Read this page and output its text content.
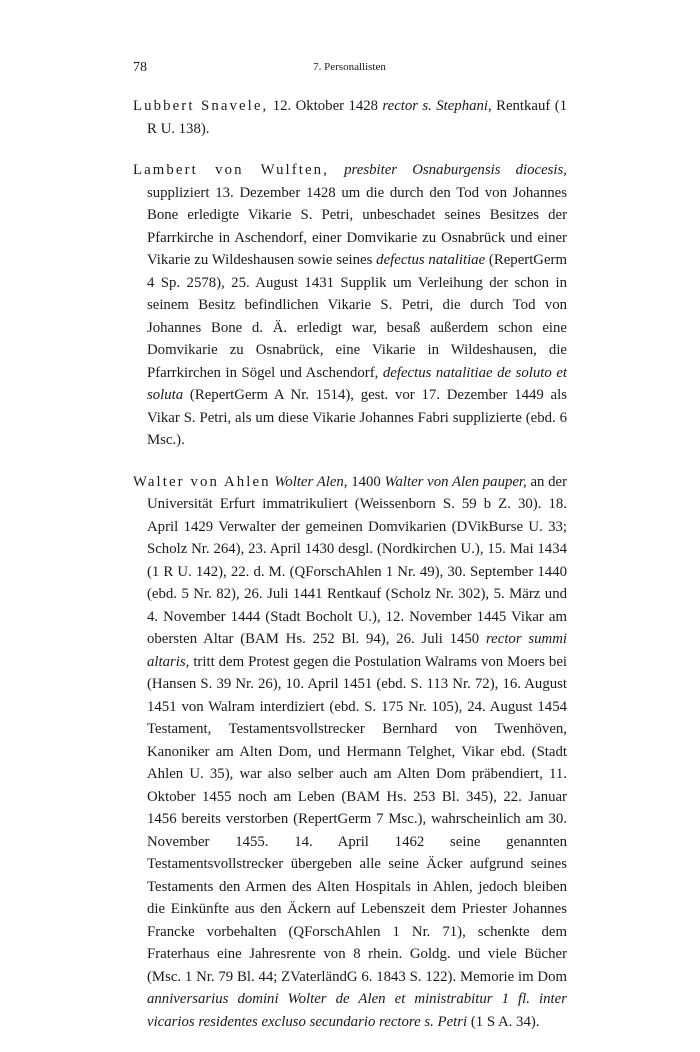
78	7. Personallisten

Lubbert Snavele, 12. Oktober 1428 rector s. Stephani, Rentkauf (1 R U. 138).

Lambert von Wulften, presbiter Osnaburgensis diocesis, suppliziert 13. Dezember 1428 um die durch den Tod von Johannes Bone erledigte Vikarie S. Petri, unbeschadet seines Besitzes der Pfarrkirche in Aschendorf, einer Domvikarie zu Osnabrück und einer Vikarie zu Wildeshausen sowie seines defectus natalitiae (RepertGerm 4 Sp. 2578), 25. August 1431 Supplik um Verleihung der schon in seinem Besitz befindlichen Vikarie S. Petri, die durch Tod von Johannes Bone d. Ä. erledigt war, besaß außerdem schon eine Domvikarie zu Osnabrück, eine Vikarie in Wildeshausen, die Pfarrkirchen in Sögel und Aschendorf, defectus natalitiae de soluto et soluta (RepertGerm A Nr. 1514), gest. vor 17. Dezember 1449 als Vikar S. Petri, als um diese Vikarie Johannes Fabri supplizierte (ebd. 6 Msc.).

Walter von Ahlen Wolter Alen, 1400 Walter von Alen pauper, an der Universität Erfurt immatrikuliert (Weissenborn S. 59 b Z. 30). 18. April 1429 Verwalter der gemeinen Domvikarien (DVikBurse U. 33; Scholz Nr. 264), 23. April 1430 desgl. (Nordkirchen U.), 15. Mai 1434 (1 R U. 142), 22. d. M. (QForschAhlen 1 Nr. 49), 30. September 1440 (ebd. 5 Nr. 82), 26. Juli 1441 Rentkauf (Scholz Nr. 302), 5. März und 4. November 1444 (Stadt Bocholt U.), 12. November 1445 Vikar am obersten Altar (BAM Hs. 252 Bl. 94), 26. Juli 1450 rector summi altaris, tritt dem Protest gegen die Postulation Walrams von Moers bei (Hansen S. 39 Nr. 26), 10. April 1451 (ebd. S. 113 Nr. 72), 16. August 1451 von Walram interdiziert (ebd. S. 175 Nr. 105), 24. August 1454 Testament, Testamentsvollstrecker Bernhard von Twenhöven, Kanoniker am Alten Dom, und Hermann Telghet, Vikar ebd. (Stadt Ahlen U. 35), war also selber auch am Alten Dom präbendiert, 11. Oktober 1455 noch am Leben (BAM Hs. 253 Bl. 345), 22. Januar 1456 bereits verstorben (RepertGerm 7 Msc.), wahrscheinlich am 30. November 1455. 14. April 1462 seine genannten Testamentsvollstrecker übergeben alle seine Äcker aufgrund seines Testaments den Armen des Alten Hospitals in Ahlen, jedoch bleiben die Einkünfte aus den Äckern auf Lebenszeit dem Priester Johannes Francke vorbehalten (QForschAhlen 1 Nr. 71), schenkte dem Fraterhaus eine Jahresrente von 8 rhein. Goldg. und viele Bücher (Msc. 1 Nr. 79 Bl. 44; ZVaterländG 6. 1843 S. 122). Memorie im Dom anniversarius domini Wolter de Alen et ministrabitur 1 fl. inter vicarios residentes excluso secundario rectore s. Petri (1 S A. 34).
